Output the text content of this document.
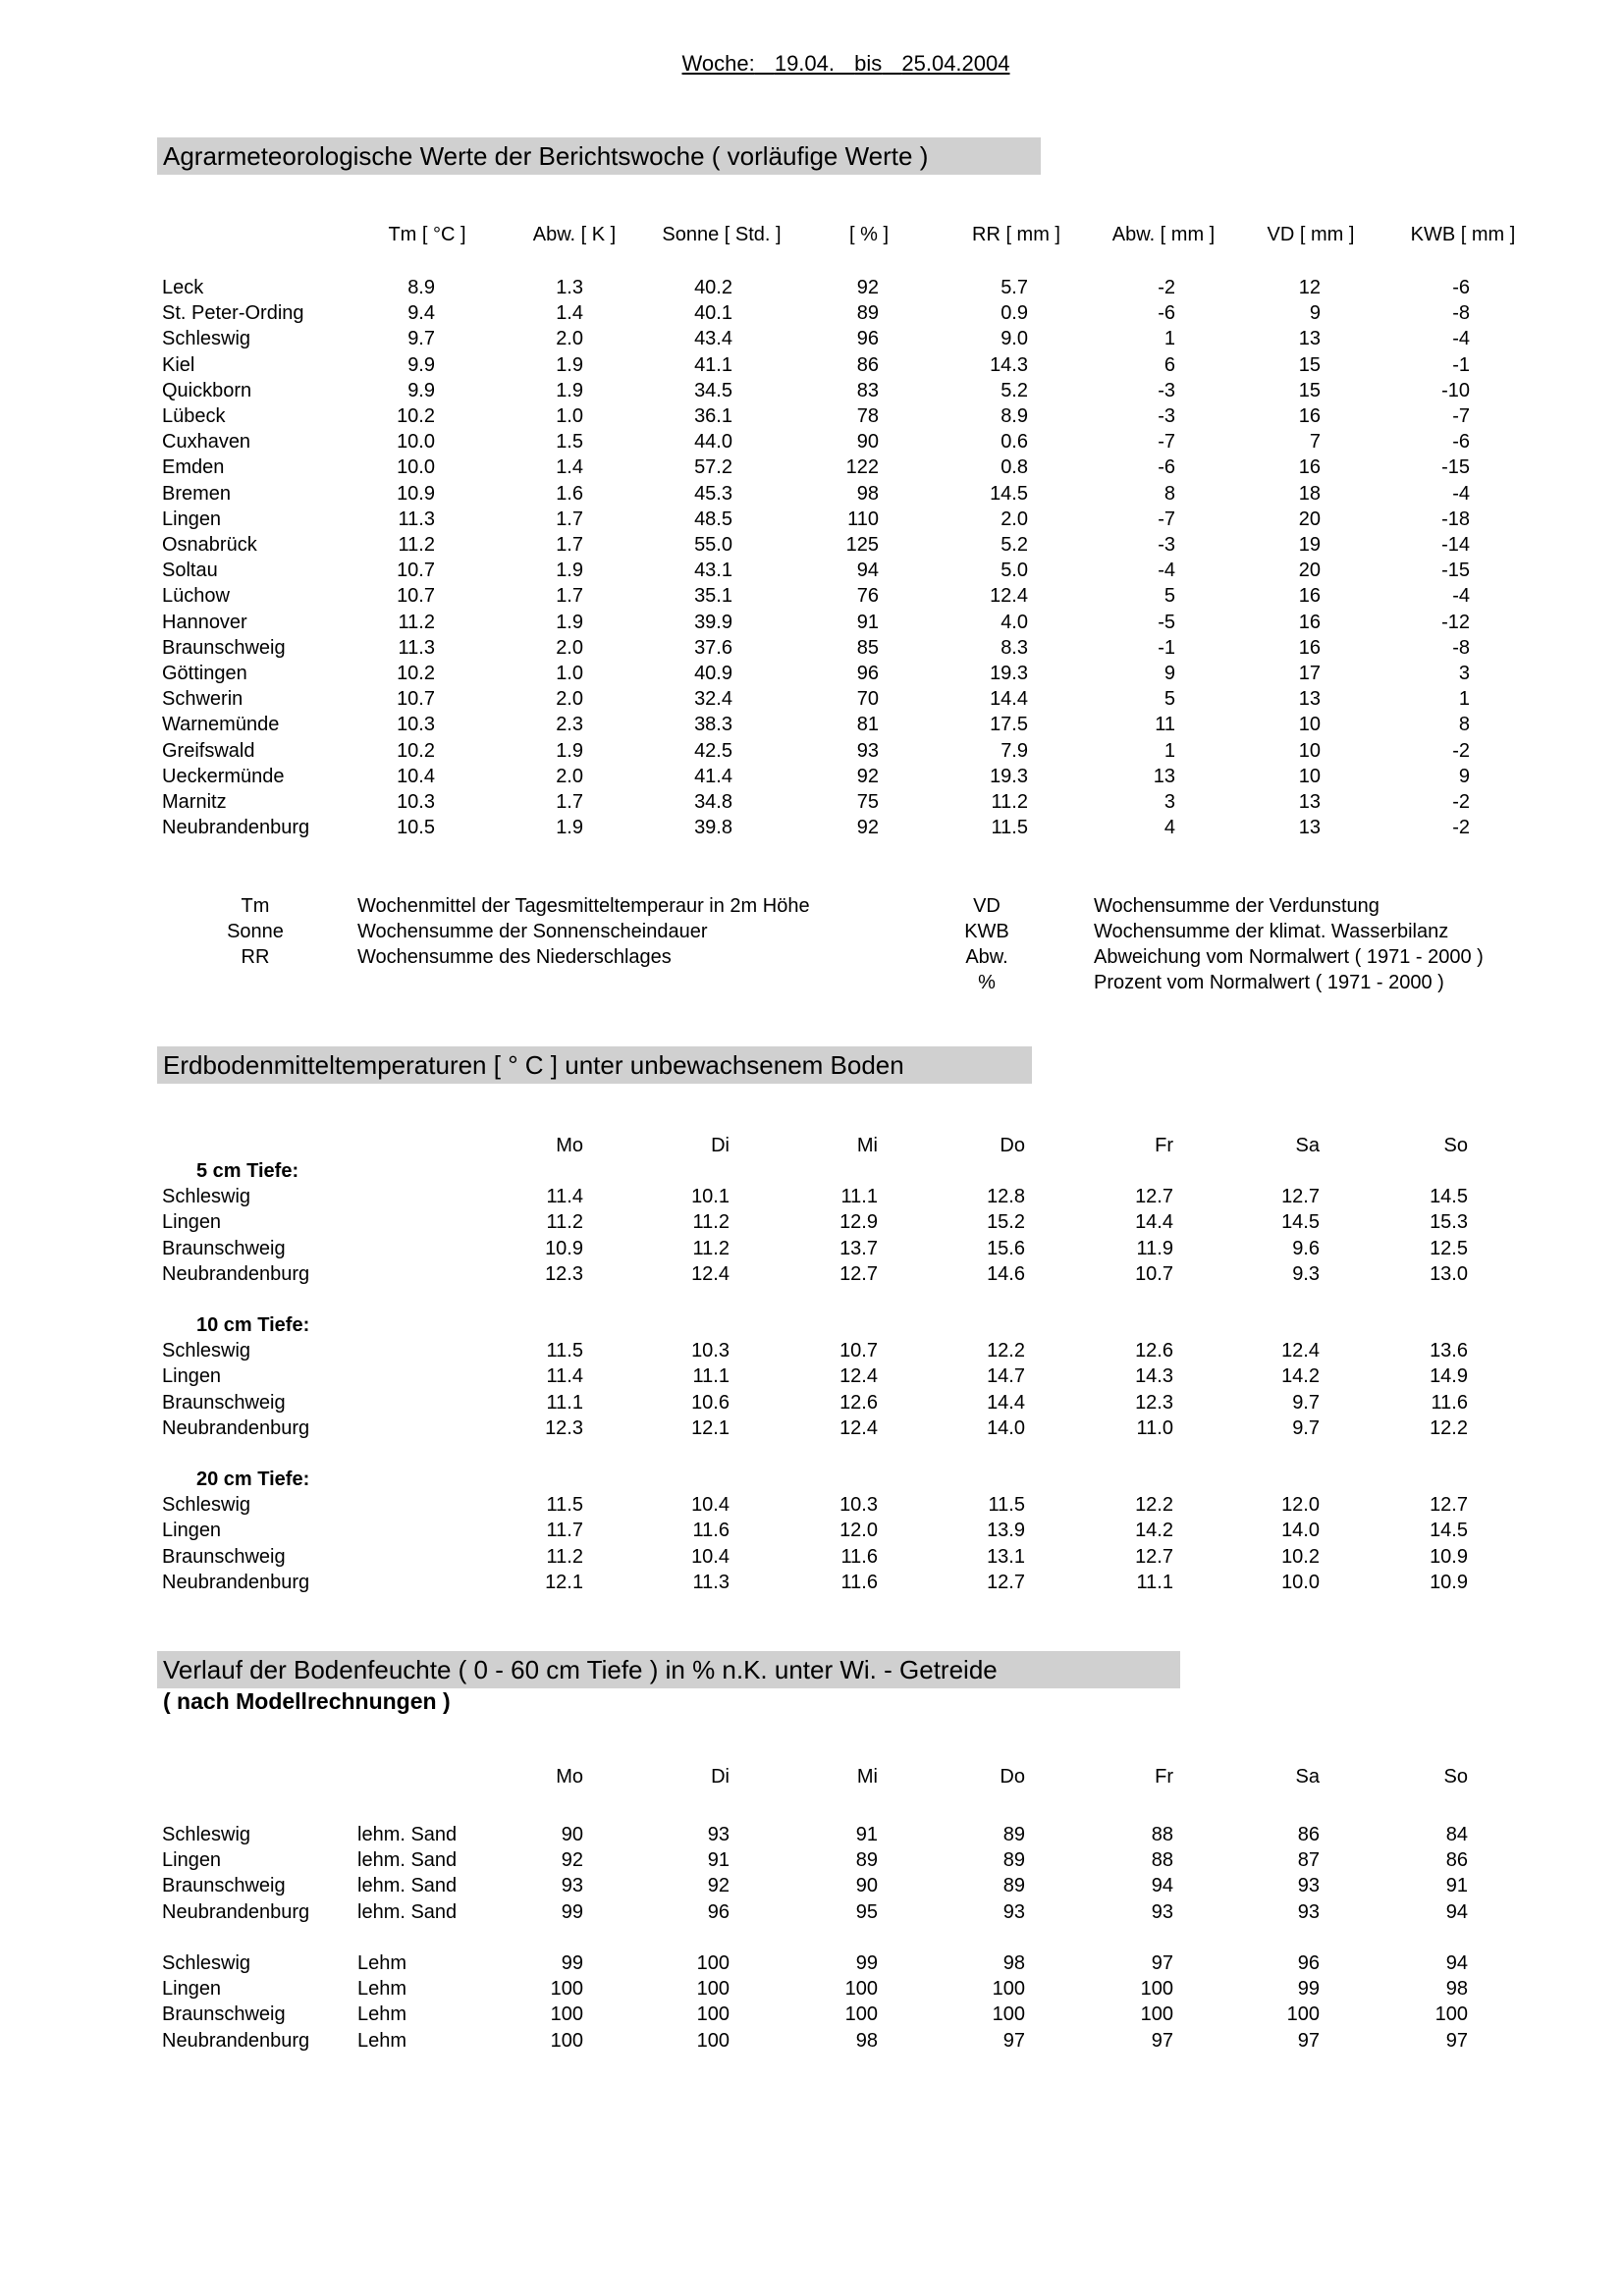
Woche: 19.04. bis 25.04.2004
Agrarmeteorologische Werte der Berichtswoche ( vorläufige Werte )
Tm [ °C ]	Abw. [ K ]	Sonne [ Std. ]	[ % ]	RR [ mm ]	Abw. [ mm ]	VD [ mm ]	KWB [ mm ]
Leck	8.9	1.3	40.2	92	5.7	-2	12	-6
St. Peter-Ording	9.4	1.4	40.1	89	0.9	-6	9	-8
Schleswig	9.7	2.0	43.4	96	9.0	1	13	-4
Kiel	9.9	1.9	41.1	86	14.3	6	15	-1
Quickborn	9.9	1.9	34.5	83	5.2	-3	15	-10
Lübeck	10.2	1.0	36.1	78	8.9	-3	16	-7
Cuxhaven	10.0	1.5	44.0	90	0.6	-7	7	-6
Emden	10.0	1.4	57.2	122	0.8	-6	16	-15
Bremen	10.9	1.6	45.3	98	14.5	8	18	-4
Lingen	11.3	1.7	48.5	110	2.0	-7	20	-18
Osnabrück	11.2	1.7	55.0	125	5.2	-3	19	-14
Soltau	10.7	1.9	43.1	94	5.0	-4	20	-15
Lüchow	10.7	1.7	35.1	76	12.4	5	16	-4
Hannover	11.2	1.9	39.9	91	4.0	-5	16	-12
Braunschweig	11.3	2.0	37.6	85	8.3	-1	16	-8
Göttingen	10.2	1.0	40.9	96	19.3	9	17	3
Schwerin	10.7	2.0	32.4	70	14.4	5	13	1
Warnemünde	10.3	2.3	38.3	81	17.5	11	10	8
Greifswald	10.2	1.9	42.5	93	7.9	1	10	-2
Ueckermünde	10.4	2.0	41.4	92	19.3	13	10	9
Marnitz	10.3	1.7	34.8	75	11.2	3	13	-2
Neubrandenburg	10.5	1.9	39.8	92	11.5	4	13	-2
Tm	Wochenmittel der Tagesmitteltemperaur in 2m Höhe
Sonne	Wochensumme der Sonnenscheindauer
RR	Wochensumme des Niederschlages
VD	Wochensumme der Verdunstung
KWB	Wochensumme der klimat. Wasserbilanz
Abw.	Abweichung vom Normalwert ( 1971 - 2000 )
%	Prozent vom Normalwert ( 1971 - 2000 )
Erdbodenmitteltemperaturen [ ° C ] unter unbewachsenem Boden
Mo	Di	Mi	Do	Fr	Sa	So
5 cm Tiefe:
Schleswig	11.4	10.1	11.1	12.8	12.7	12.7	14.5
Lingen	11.2	11.2	12.9	15.2	14.4	14.5	15.3
Braunschweig	10.9	11.2	13.7	15.6	11.9	9.6	12.5
Neubrandenburg	12.3	12.4	12.7	14.6	10.7	9.3	13.0
10 cm Tiefe:
Schleswig	11.5	10.3	10.7	12.2	12.6	12.4	13.6
Lingen	11.4	11.1	12.4	14.7	14.3	14.2	14.9
Braunschweig	11.1	10.6	12.6	14.4	12.3	9.7	11.6
Neubrandenburg	12.3	12.1	12.4	14.0	11.0	9.7	12.2
20 cm Tiefe:
Schleswig	11.5	10.4	10.3	11.5	12.2	12.0	12.7
Lingen	11.7	11.6	12.0	13.9	14.2	14.0	14.5
Braunschweig	11.2	10.4	11.6	13.1	12.7	10.2	10.9
Neubrandenburg	12.1	11.3	11.6	12.7	11.1	10.0	10.9
Verlauf der Bodenfeuchte ( 0 - 60 cm Tiefe ) in % n.K. unter Wi. - Getreide
( nach Modellrechnungen )
Mo	Di	Mi	Do	Fr	Sa	So
Schleswig	lehm. Sand	90	93	91	89	88	86	84
Lingen	lehm. Sand	92	91	89	89	88	87	86
Braunschweig	lehm. Sand	93	92	90	89	94	93	91
Neubrandenburg lehm. Sand	99	96	95	93	93	93	94
Schleswig	Lehm	99	100	99	98	97	96	94
Lingen	Lehm	100	100	100	100	100	99	98
Braunschweig	Lehm	100	100	100	100	100	100	100
Neubrandenburg Lehm	100	100	98	97	97	97	97
